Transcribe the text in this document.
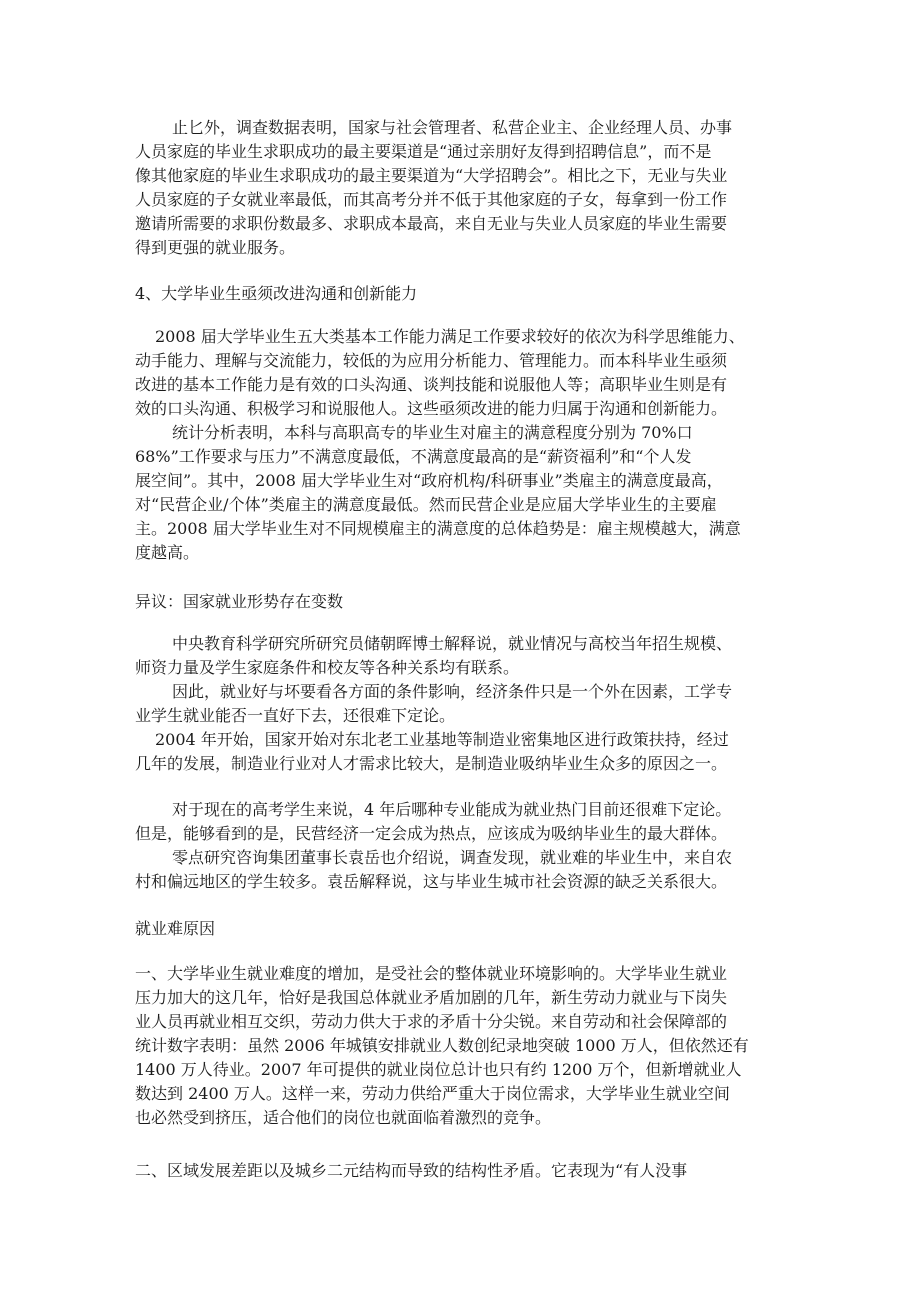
止匕外，调查数据表明，国家与社会管理者、私营企业主、企业经理人员、办事
人员家庭的毕业生求职成功的最主要渠道是“通过亲朋好友得到招聘信息”，而不是
像其他家庭的毕业生求职成功的最主要渠道为“大学招聘会”。相比之下，无业与失业
人员家庭的子女就业率最低，而其高考分并不低于其他家庭的子女，每拿到一份工作
邀请所需要的求职份数最多、求职成本最高，来自无业与失业人员家庭的毕业生需要
得到更强的就业服务。

4、大学毕业生亟须改进沟通和创新能力

2008 届大学毕业生五大类基本工作能力满足工作要求较好的依次为科学思维能力、
动手能力、理解与交流能力，较低的为应用分析能力、管理能力。而本科毕业生亟须
改进的基本工作能力是有效的口头沟通、谈判技能和说服他人等；高职毕业生则是有
效的口头沟通、积极学习和说服他人。这些亟须改进的能力归属于沟通和创新能力。
统计分析表明，本科与高职高专的毕业生对雇主的满意程度分别为 70%口
68%”工作要求与压力”不满意度最低，不满意度最高的是“薪资福利”和“个人发
展空间”。其中，2008 届大学毕业生对“政府机构/科研事业”类雇主的满意度最高，
对“民营企业/个体”类雇主的满意度最低。然而民营企业是应届大学毕业生的主要雇
主。2008 届大学毕业生对不同规模雇主的满意度的总体趋势是：雇主规模越大，满意
度越高。

异议：国家就业形势存在变数

中央教育科学研究所研究员储朝晖博士解释说，就业情况与高校当年招生规模、
师资力量及学生家庭条件和校友等各种关系均有联系。
因此，就业好与坏要看各方面的条件影响，经济条件只是一个外在因素，工学专
业学生就业能否一直好下去，还很难下定论。
2004 年开始，国家开始对东北老工业基地等制造业密集地区进行政策扶持，经过
几年的发展，制造业行业对人才需求比较大，是制造业吸纳毕业生众多的原因之一。

对于现在的高考学生来说，4 年后哪种专业能成为就业热门目前还很难下定论。
但是，能够看到的是，民营经济一定会成为热点，应该成为吸纳毕业生的最大群体。
零点研究咨询集团董事长袁岳也介绍说，调查发现，就业难的毕业生中，来自农
村和偏远地区的学生较多。袁岳解释说，这与毕业生城市社会资源的缺乏关系很大。

就业难原因

一、大学毕业生就业难度的增加，是受社会的整体就业环境影响的。大学毕业生就业
压力加大的这几年，恰好是我国总体就业矛盾加剧的几年，新生劳动力就业与下岗失
业人员再就业相互交织，劳动力供大于求的矛盾十分尖锐。来自劳动和社会保障部的
统计数字表明：虽然 2006 年城镇安排就业人数创纪录地突破 1000 万人，但依然还有
1400 万人待业。2007 年可提供的就业岗位总计也只有约 1200 万个，但新增就业人
数达到 2400 万人。这样一来，劳动力供给严重大于岗位需求，大学毕业生就业空间
也必然受到挤压，适合他们的岗位也就面临着激烈的竞争。

二、区域发展差距以及城乡二元结构而导致的结构性矛盾。它表现为“有人没事
